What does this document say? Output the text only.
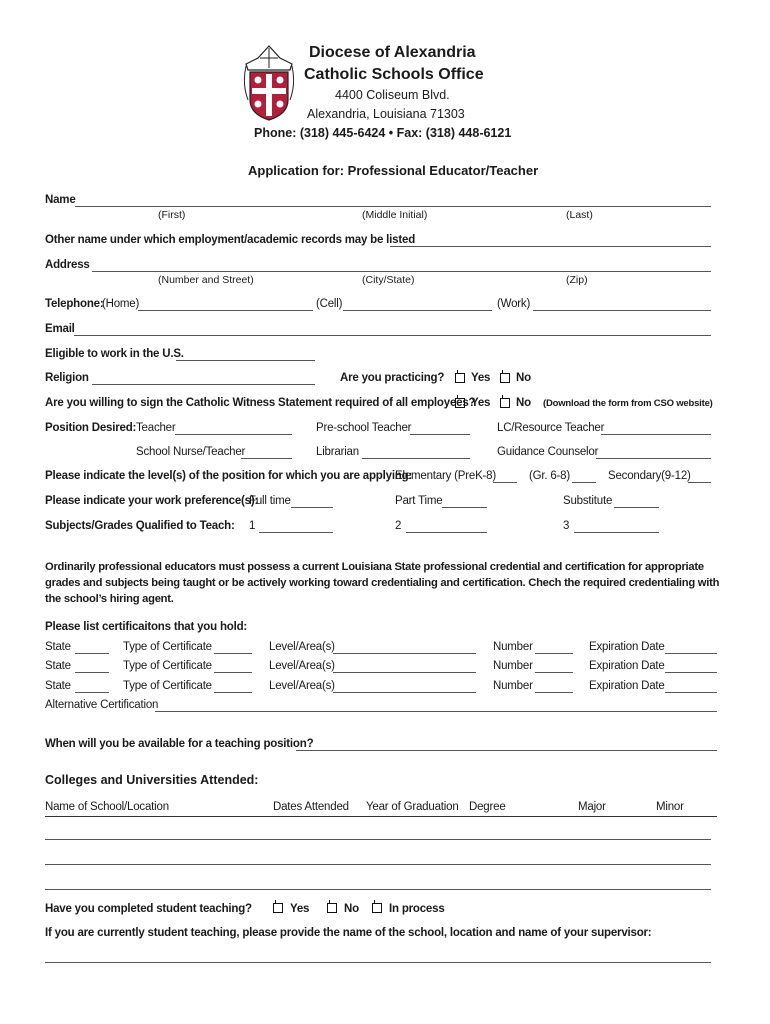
Diocese of Alexandria
Catholic Schools Office
4400 Coliseum Blvd.
Alexandria, Louisiana 71303
Phone: (318) 445-6424 • Fax: (318) 448-6121
Application for: Professional Educator/Teacher
Name
(First)	(Middle Initial)	(Last)
Other name under which employment/academic records may be listed
Address
(Number and Street)	(City/State)	(Zip)
Telephone:
(Home)	(Cell)	(Work)
Email
Eligible to work in the U.S.
Religion	Are you practicing? Yes No
Are you willing to sign the Catholic Witness Statement required of all employees?
Yes No (Download the form from CSO website)
Position Desired: Teacher	Pre-school Teacher	LC/Resource Teacher
School Nurse/Teacher	Librarian	Guidance Counselor
Please indicate the level(s) of the position for which you are applying:
Elementary (PreK-8)	(Gr. 6-8)	Secondary(9-12)
Please indicate your work preference(s):
Full time	Part Time	Substitute
Subjects/Grades Qualified to Teach: 1	2	3
Ordinarily professional educators must possess a current Louisiana State professional credential and certification for appropriate grades and subjects being taught or be actively working toward credentialing and certification. Chech the required credentialing with the school’s hiring agent.
Please list certificaitons that you hold:
State	Type of Certificate	Level/Area(s)	Number	Expiration Date
State	Type of Certificate	Level/Area(s)	Number	Expiration Date
State	Type of Certificate	Level/Area(s)	Number	Expiration Date
Alternative Certification
When will you be available for a teaching position?
Colleges and Universities Attended:
Name of School/Location	Dates Attended Year of Graduation Degree	Major	Minor
Have you completed student teaching?	Yes	No	In process
If you are currently student teaching, please provide the name of the school, location and name of your supervisor:
